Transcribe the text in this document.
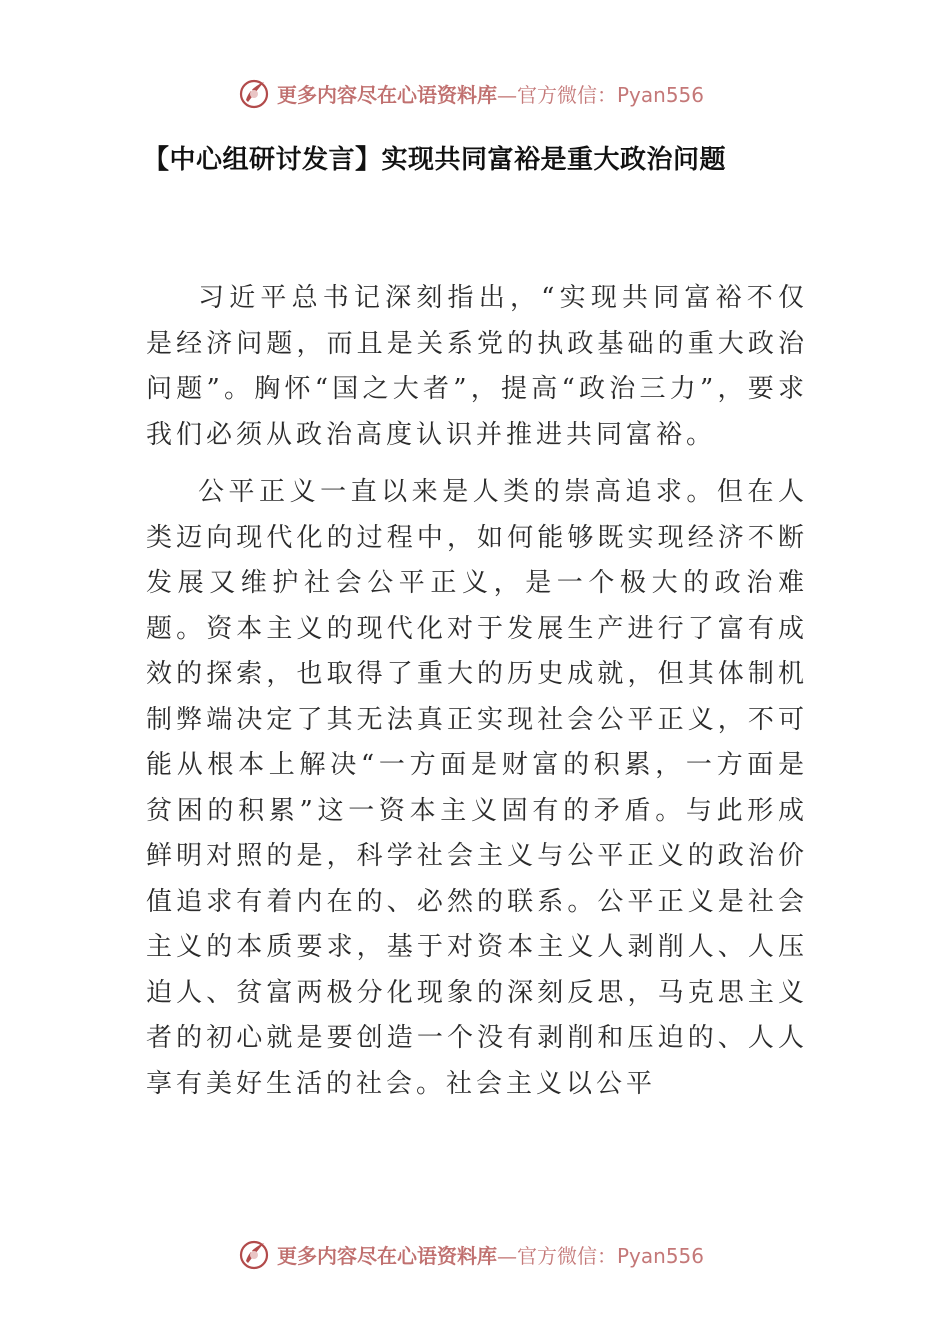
更多内容尽在心语资料库—官方微信：Pyan556
【中心组研讨发言】实现共同富裕是重大政治问题

习近平总书记深刻指出，“实现共同富裕不仅是经济问题，而且是关系党的执政基础的重大政治问题”。胸怀“国之大者”，提高“政治三力”，要求我们必须从政治高度认识并推进共同富裕。

公平正义一直以来是人类的崇高追求。但在人类迈向现代化的过程中，如何能够既实现经济不断发展又维护社会公平正义，是一个极大的政治难题。资本主义的现代化对于发展生产进行了富有成效的探索，也取得了重大的历史成就，但其体制机制弊端决定了其无法真正实现社会公平正义，不可能从根本上解决“一方面是财富的积累，一方面是贫困的积累”这一资本主义固有的矛盾。与此形成鲜明对照的是，科学社会主义与公平正义的政治价值追求有着内在的、必然的联系。公平正义是社会主义的本质要求，基于对资本主义人剥削人、人压迫人、贫富两极分化现象的深刻反思，马克思主义者的初心就是要创造一个没有剥削和压迫的、人人享有美好生活的社会。社会主义以公平

更多内容尽在心语资料库—官方微信：Pyan556
